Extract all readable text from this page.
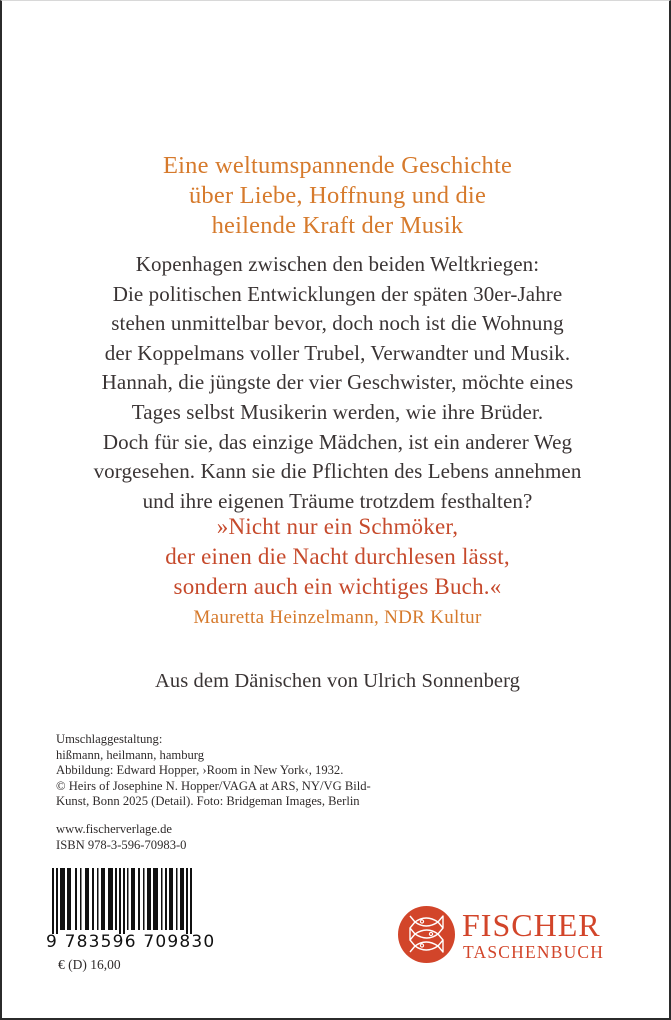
Eine weltumspannende Geschichte
über Liebe, Hoffnung und die
heilende Kraft der Musik
Kopenhagen zwischen den beiden Weltkriegen:
Die politischen Entwicklungen der späten 30er-Jahre
stehen unmittelbar bevor, doch noch ist die Wohnung
der Koppelmans voller Trubel, Verwandter und Musik.
Hannah, die jüngste der vier Geschwister, möchte eines
Tages selbst Musikerin werden, wie ihre Brüder.
Doch für sie, das einzige Mädchen, ist ein anderer Weg
vorgesehen. Kann sie die Pflichten des Lebens annehmen
und ihre eigenen Träume trotzdem festhalten?
»Nicht nur ein Schmöker,
der einen die Nacht durchlesen lässt,
sondern auch ein wichtiges Buch.«
Mauretta Heinzelmann, NDR Kultur
Aus dem Dänischen von Ulrich Sonnenberg
Umschlaggestaltung:
hißmann, heilmann, hamburg
Abbildung: Edward Hopper, ›Room in New York‹, 1932.
© Heirs of Josephine N. Hopper/VAGA at ARS, NY/VG Bild-
Kunst, Bonn 2025 (Detail). Foto: Bridgeman Images, Berlin
www.fischerverlage.de
ISBN 978-3-596-70983-0
9 783596 709830
€ (D) 16,00
FISCHER
TASCHENBUCH
